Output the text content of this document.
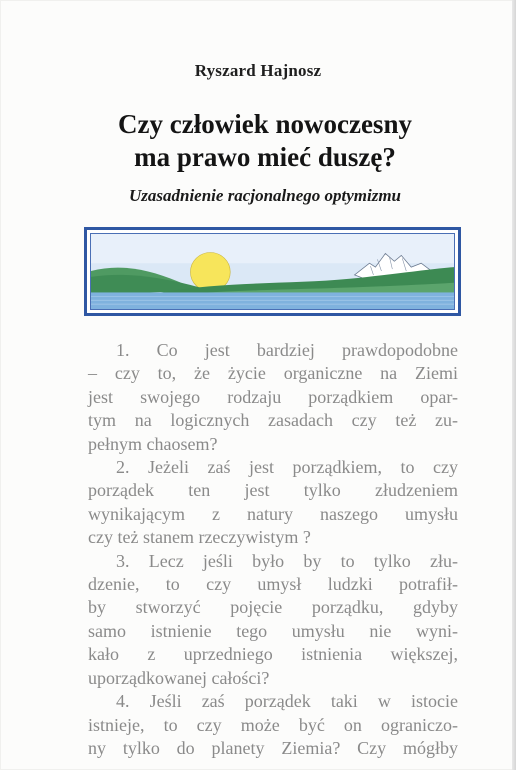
Ryszard Hajnosz
Czy człowiek nowoczesny
ma prawo mieć duszę?
Uzasadnienie racjonalnego optymizmu
1. Co jest bardziej prawdopodobne
– czy to, że życie organiczne na Ziemi
jest swojego rodzaju porządkiem opar-
tym na logicznych zasadach czy też zu-
pełnym chaosem?
2. Jeżeli zaś jest porządkiem, to czy
porządek ten jest tylko złudzeniem
wynikającym z natury naszego umysłu
czy też stanem rzeczywistym ?
3. Lecz jeśli było by to tylko złu-
dzenie, to czy umysł ludzki potrafił-
by stworzyć pojęcie porządku, gdyby
samo istnienie tego umysłu nie wyni-
kało z uprzedniego istnienia większej,
uporządkowanej całości?
4. Jeśli zaś porządek taki w istocie
istnieje, to czy może być on ograniczo-
ny tylko do planety Ziemia? Czy mógłby
